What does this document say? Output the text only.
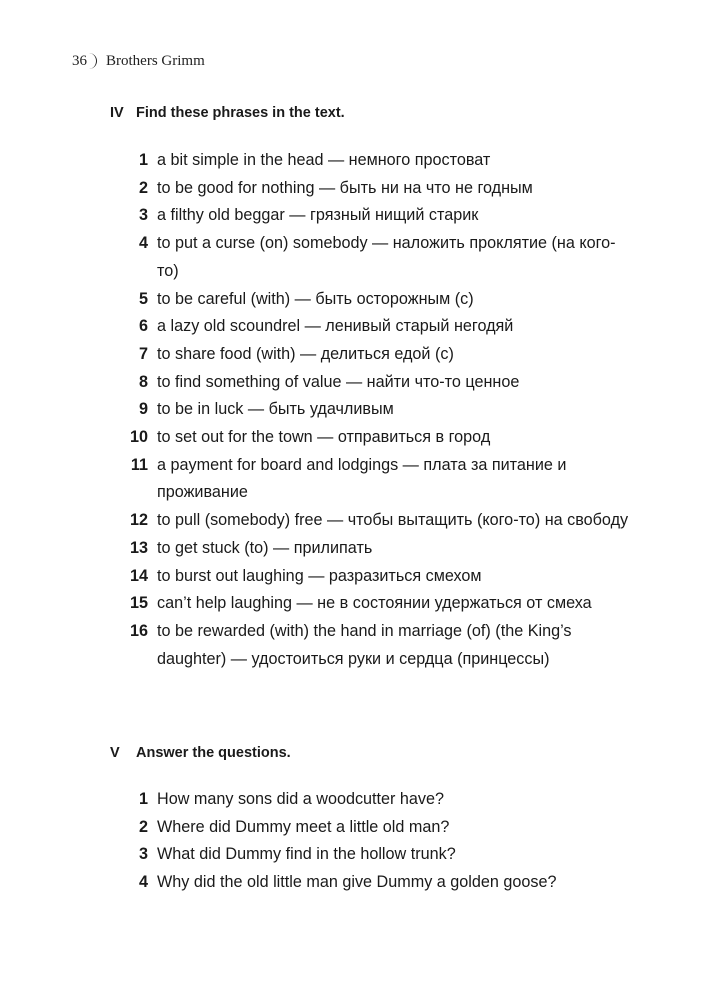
36 Brothers Grimm
IV Find these phrases in the text.
1 a bit simple in the head — немного простоват
2 to be good for nothing — быть ни на что не годным
3 a filthy old beggar — грязный нищий старик
4 to put a curse (on) somebody — наложить проклятие (на кого-то)
5 to be careful (with) — быть осторожным (с)
6 a lazy old scoundrel — ленивый старый негодяй
7 to share food (with) — делиться едой (с)
8 to find something of value — найти что-то ценное
9 to be in luck — быть удачливым
10 to set out for the town — отправиться в город
11 a payment for board and lodgings — плата за питание и проживание
12 to pull (somebody) free — чтобы вытащить (кого-то) на свободу
13 to get stuck (to) — прилипать
14 to burst out laughing — разразиться смехом
15 can’t help laughing — не в состоянии удержаться от смеха
16 to be rewarded (with) the hand in marriage (of) (the King’s daughter) — удостоиться руки и сердца (принцессы)
V	Answer the questions.
1 How many sons did a woodcutter have?
2 Where did Dummy meet a little old man?
3 What did Dummy find in the hollow trunk?
4 Why did the old little man give Dummy a golden goose?
